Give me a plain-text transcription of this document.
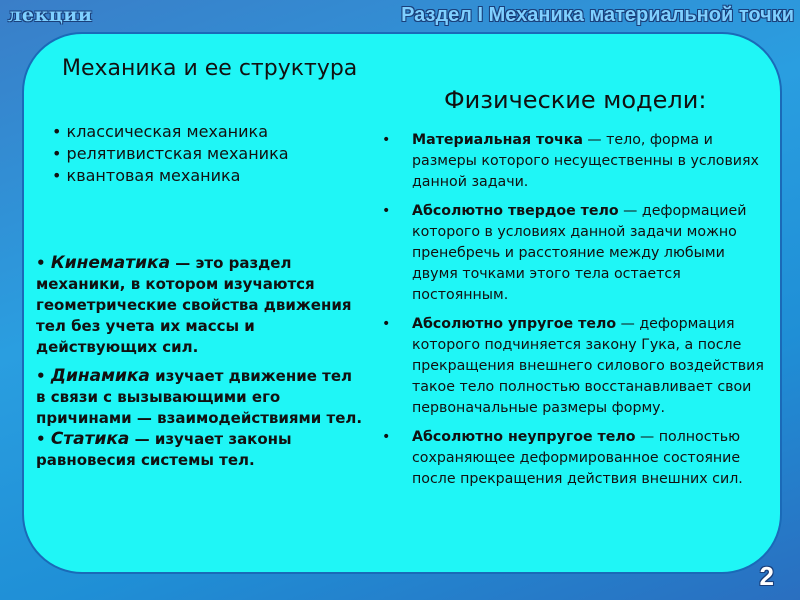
лекции	Раздел I Механика материальной точки
Механика и ее структура
• классическая механика
• релятивистская механика
• квантовая механика

• Кинематика — это раздел механики, в котором изучаются геометрические свойства движения тел без учета их массы и действующих сил.

• Динамика изучает движение тел в связи с вызывающими его причинами — взаимодействиями тел.

• Статика — изучает законы равновесия системы тел.

Физические модели:
• Материальная точка — тело, форма и размеры которого несущественны в условиях данной задачи.
• Абсолютно твердое тело — деформацией которого в условиях данной задачи можно пренебречь и расстояние между любыми двумя точками этого тела остается постоянным.
• Абсолютно упругое тело — деформация которого подчиняется закону Гука, а после прекращения внешнего силового воздействия такое тело полностью восстанавливает свои первоначальные размеры форму.
• Абсолютно неупругое тело — полностью сохраняющее деформированное состояние после прекращения действия внешних сил.
2
